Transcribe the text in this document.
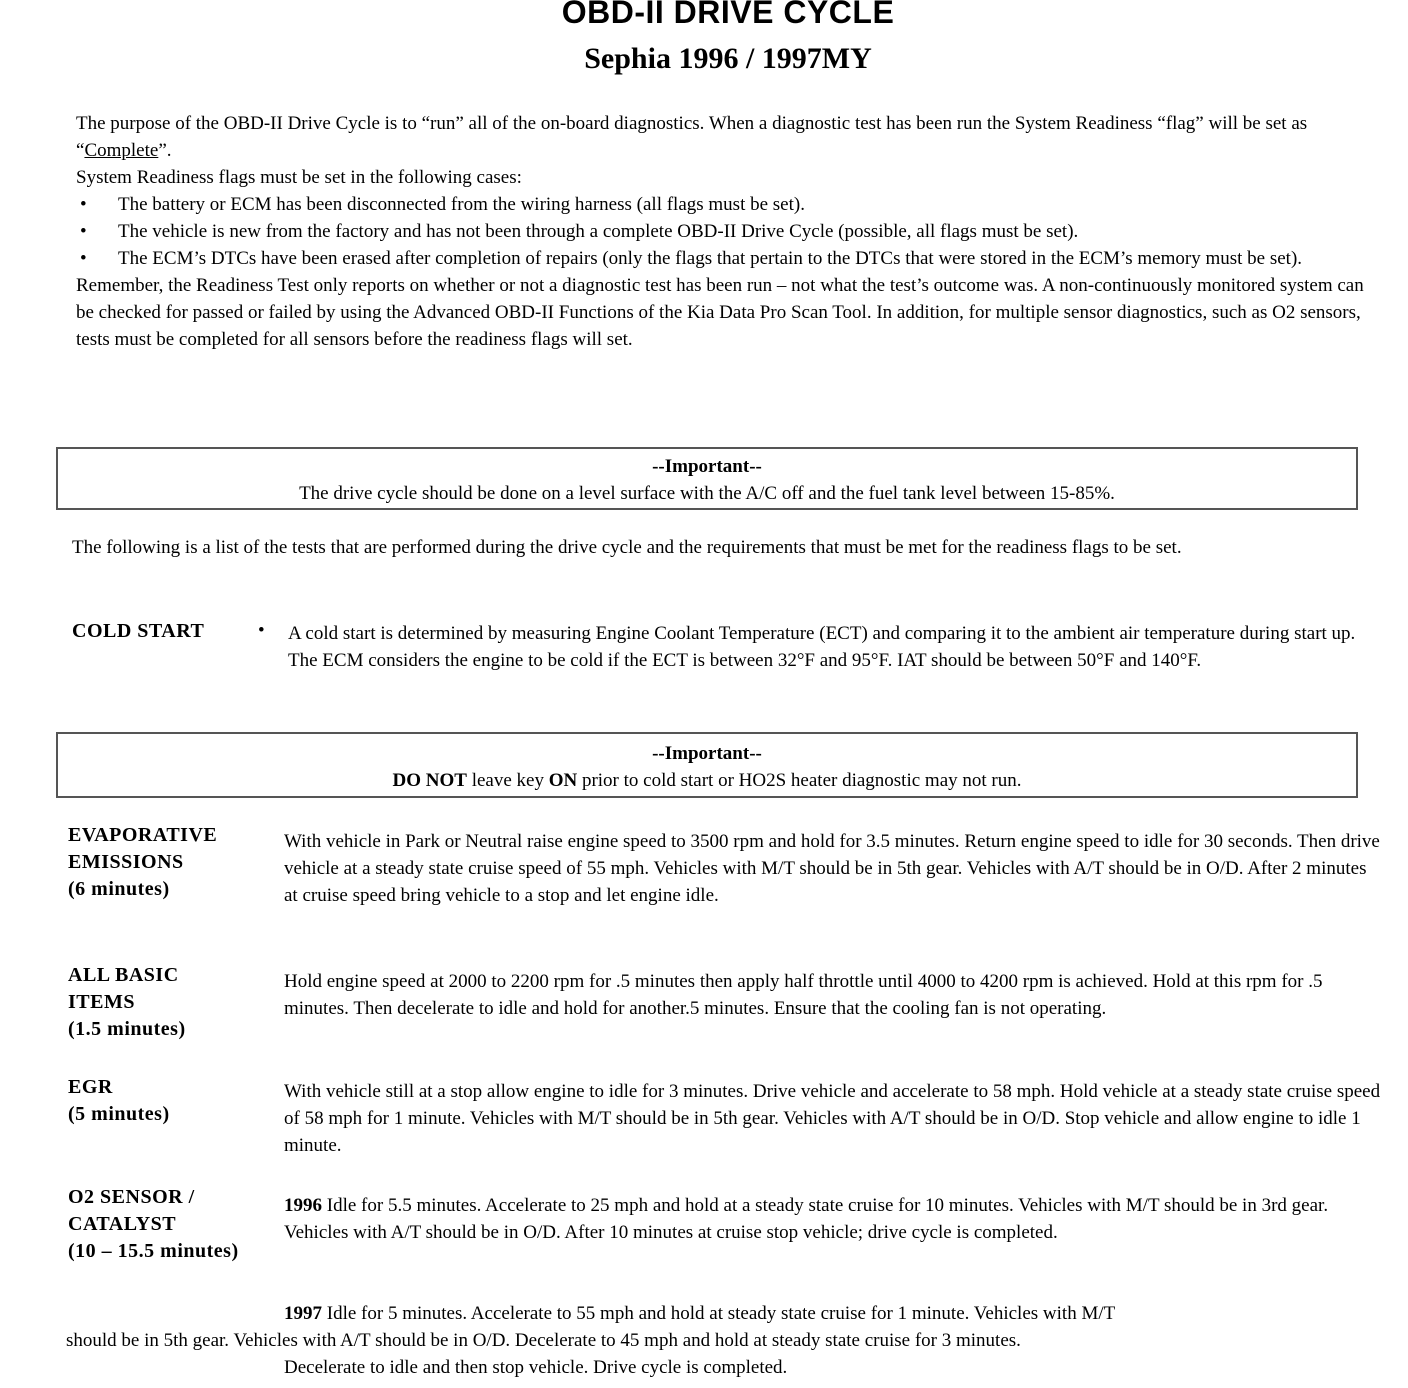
OBD-II DRIVE CYCLE
Sephia 1996 / 1997MY

The purpose of the OBD-II Drive Cycle is to “run” all of the on-board diagnostics. When a diagnostic test has been run the System Readiness “flag” will be set as “Complete”.

System Readiness flags must be set in the following cases:

• The battery or ECM has been disconnected from the wiring harness (all flags must be set).
• The vehicle is new from the factory and has not been through a complete OBD-II Drive Cycle (possible, all flags must be set).
• The ECM’s DTCs have been erased after completion of repairs (only the flags that pertain to the DTCs that were stored in the ECM’s memory must be set).

Remember, the Readiness Test only reports on whether or not a diagnostic test has been run – not what the test’s outcome was. A non-continuously monitored system can be checked for passed or failed by using the Advanced OBD-II Functions of the Kia Data Pro Scan Tool. In addition, for multiple sensor diagnostics, such as O2 sensors, tests must be completed for all sensors before the readiness flags will set.

--Important--
The drive cycle should be done on a level surface with the A/C off and the fuel tank level between 15-85%.
The following is a list of the tests that are performed during the drive cycle and the requirements that must be met for the readiness flags to be set.
COLD START	• A cold start is determined by measuring Engine Coolant Temperature (ECT) and comparing it to the ambient air temperature during start up. The ECM considers the engine to be cold if the ECT is between 32°F and 95°F. IAT should be between 50°F and 140°F.
--Important--
DO NOT leave key ON prior to cold start or HO2S heater diagnostic may not run.
EVAPORATIVE
EMISSIONS
(6 minutes)
With vehicle in Park or Neutral raise engine speed to 3500 rpm and hold for 3.5 minutes. Return engine speed to idle for 30 seconds. Then drive vehicle at a steady state cruise speed of 55 mph. Vehicles with M/T should be in 5th gear. Vehicles with A/T should be in O/D. After 2 minutes at cruise speed bring vehicle to a stop and let engine idle.
ALL BASIC
ITEMS
(1.5 minutes)
Hold engine speed at 2000 to 2200 rpm for .5 minutes then apply half throttle until 4000 to 4200 rpm is achieved. Hold at this rpm for .5 minutes. Then decelerate to idle and hold for another.5 minutes. Ensure that the cooling fan is not operating.
EGR
(5 minutes)
With vehicle still at a stop allow engine to idle for 3 minutes. Drive vehicle and accelerate to 58 mph. Hold vehicle at a steady state cruise speed of 58 mph for 1 minute. Vehicles with M/T should be in 5th gear. Vehicles with A/T should be in O/D. Stop vehicle and allow engine to idle 1 minute.
O2 SENSOR /
CATALYST
(10 – 15.5 minutes)
1996 Idle for 5.5 minutes. Accelerate to 25 mph and hold at a steady state cruise for 10 minutes. Vehicles with M/T should be in 3rd gear. Vehicles with A/T should be in O/D. After 10 minutes at cruise stop vehicle; drive cycle is completed.
1997 Idle for 5 minutes. Accelerate to 55 mph and hold at steady state cruise for 1 minute. Vehicles with M/T
should be in 5th gear. Vehicles with A/T should be in O/D. Decelerate to 45 mph and hold at steady state cruise for 3 minutes.
Decelerate to idle and then stop vehicle. Drive cycle is completed.
